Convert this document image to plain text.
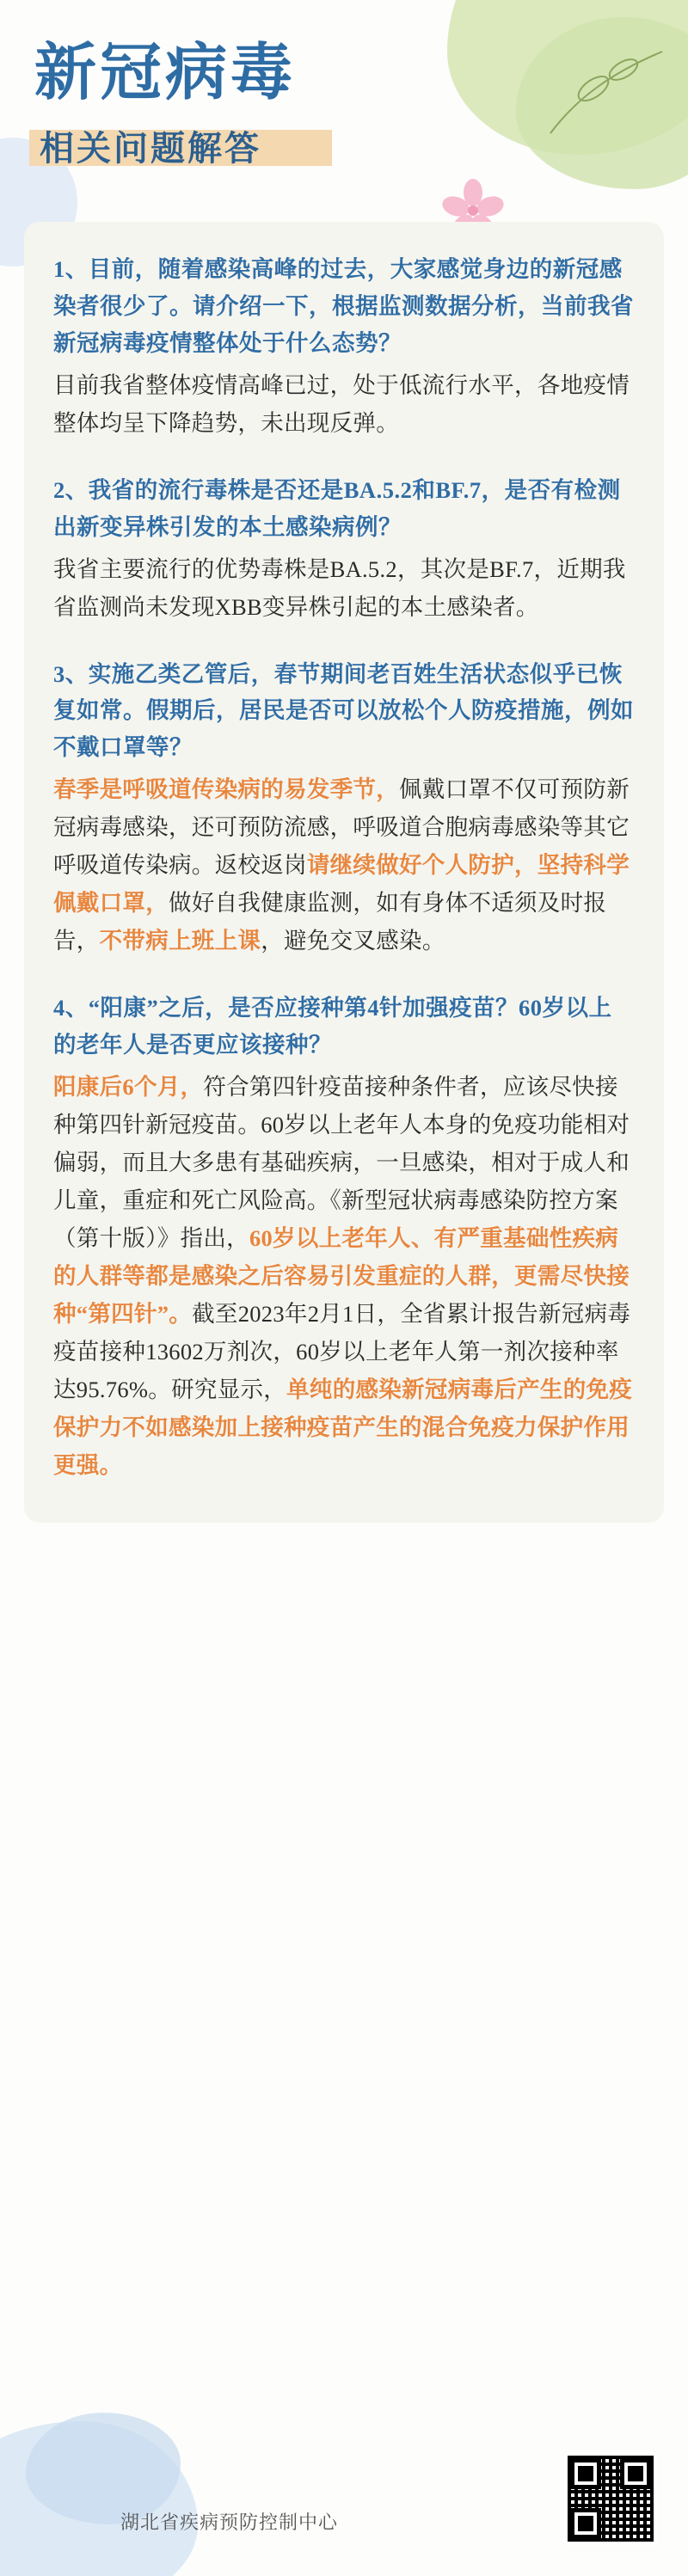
新冠病毒
相关问题解答
1、目前，随着感染高峰的过去，大家感觉身边的新冠感染者很少了。请介绍一下，根据监测数据分析，当前我省新冠病毒疫情整体处于什么态势？
目前我省整体疫情高峰已过，处于低流行水平，各地疫情整体均呈下降趋势，未出现反弹。
2、我省的流行毒株是否还是BA.5.2和BF.7，是否有检测出新变异株引发的本土感染病例？
我省主要流行的优势毒株是BA.5.2，其次是BF.7，近期我省监测尚未发现XBB变异株引起的本土感染者。
3、实施乙类乙管后，春节期间老百姓生活状态似乎已恢复如常。假期后，居民是否可以放松个人防疫措施，例如不戴口罩等？
春季是呼吸道传染病的易发季节，佩戴口罩不仅可预防新冠病毒感染，还可预防流感，呼吸道合胞病毒感染等其它呼吸道传染病。返校返岗请继续做好个人防护，坚持科学佩戴口罩，做好自我健康监测，如有身体不适须及时报告，不带病上班上课，避免交叉感染。
4、“阳康”之后，是否应接种第4针加强疫苗？60岁以上的老年人是否更应该接种？
阳康后6个月，符合第四针疫苗接种条件者，应该尽快接种第四针新冠疫苗。60岁以上老年人本身的免疫功能相对偏弱，而且大多患有基础疾病，一旦感染，相对于成人和儿童，重症和死亡风险高。《新型冠状病毒感染防控方案（第十版）》指出，60岁以上老年人、有严重基础性疾病的人群等都是感染之后容易引发重症的人群，更需尽快接种“第四针”。截至2023年2月1日，全省累计报告新冠病毒疫苗接种13602万剂次，60岁以上老年人第一剂次接种率达95.76%。研究显示，单纯的感染新冠病毒后产生的免疫保护力不如感染加上接种疫苗产生的混合免疫力保护作用更强。
湖北省疾病预防控制中心
